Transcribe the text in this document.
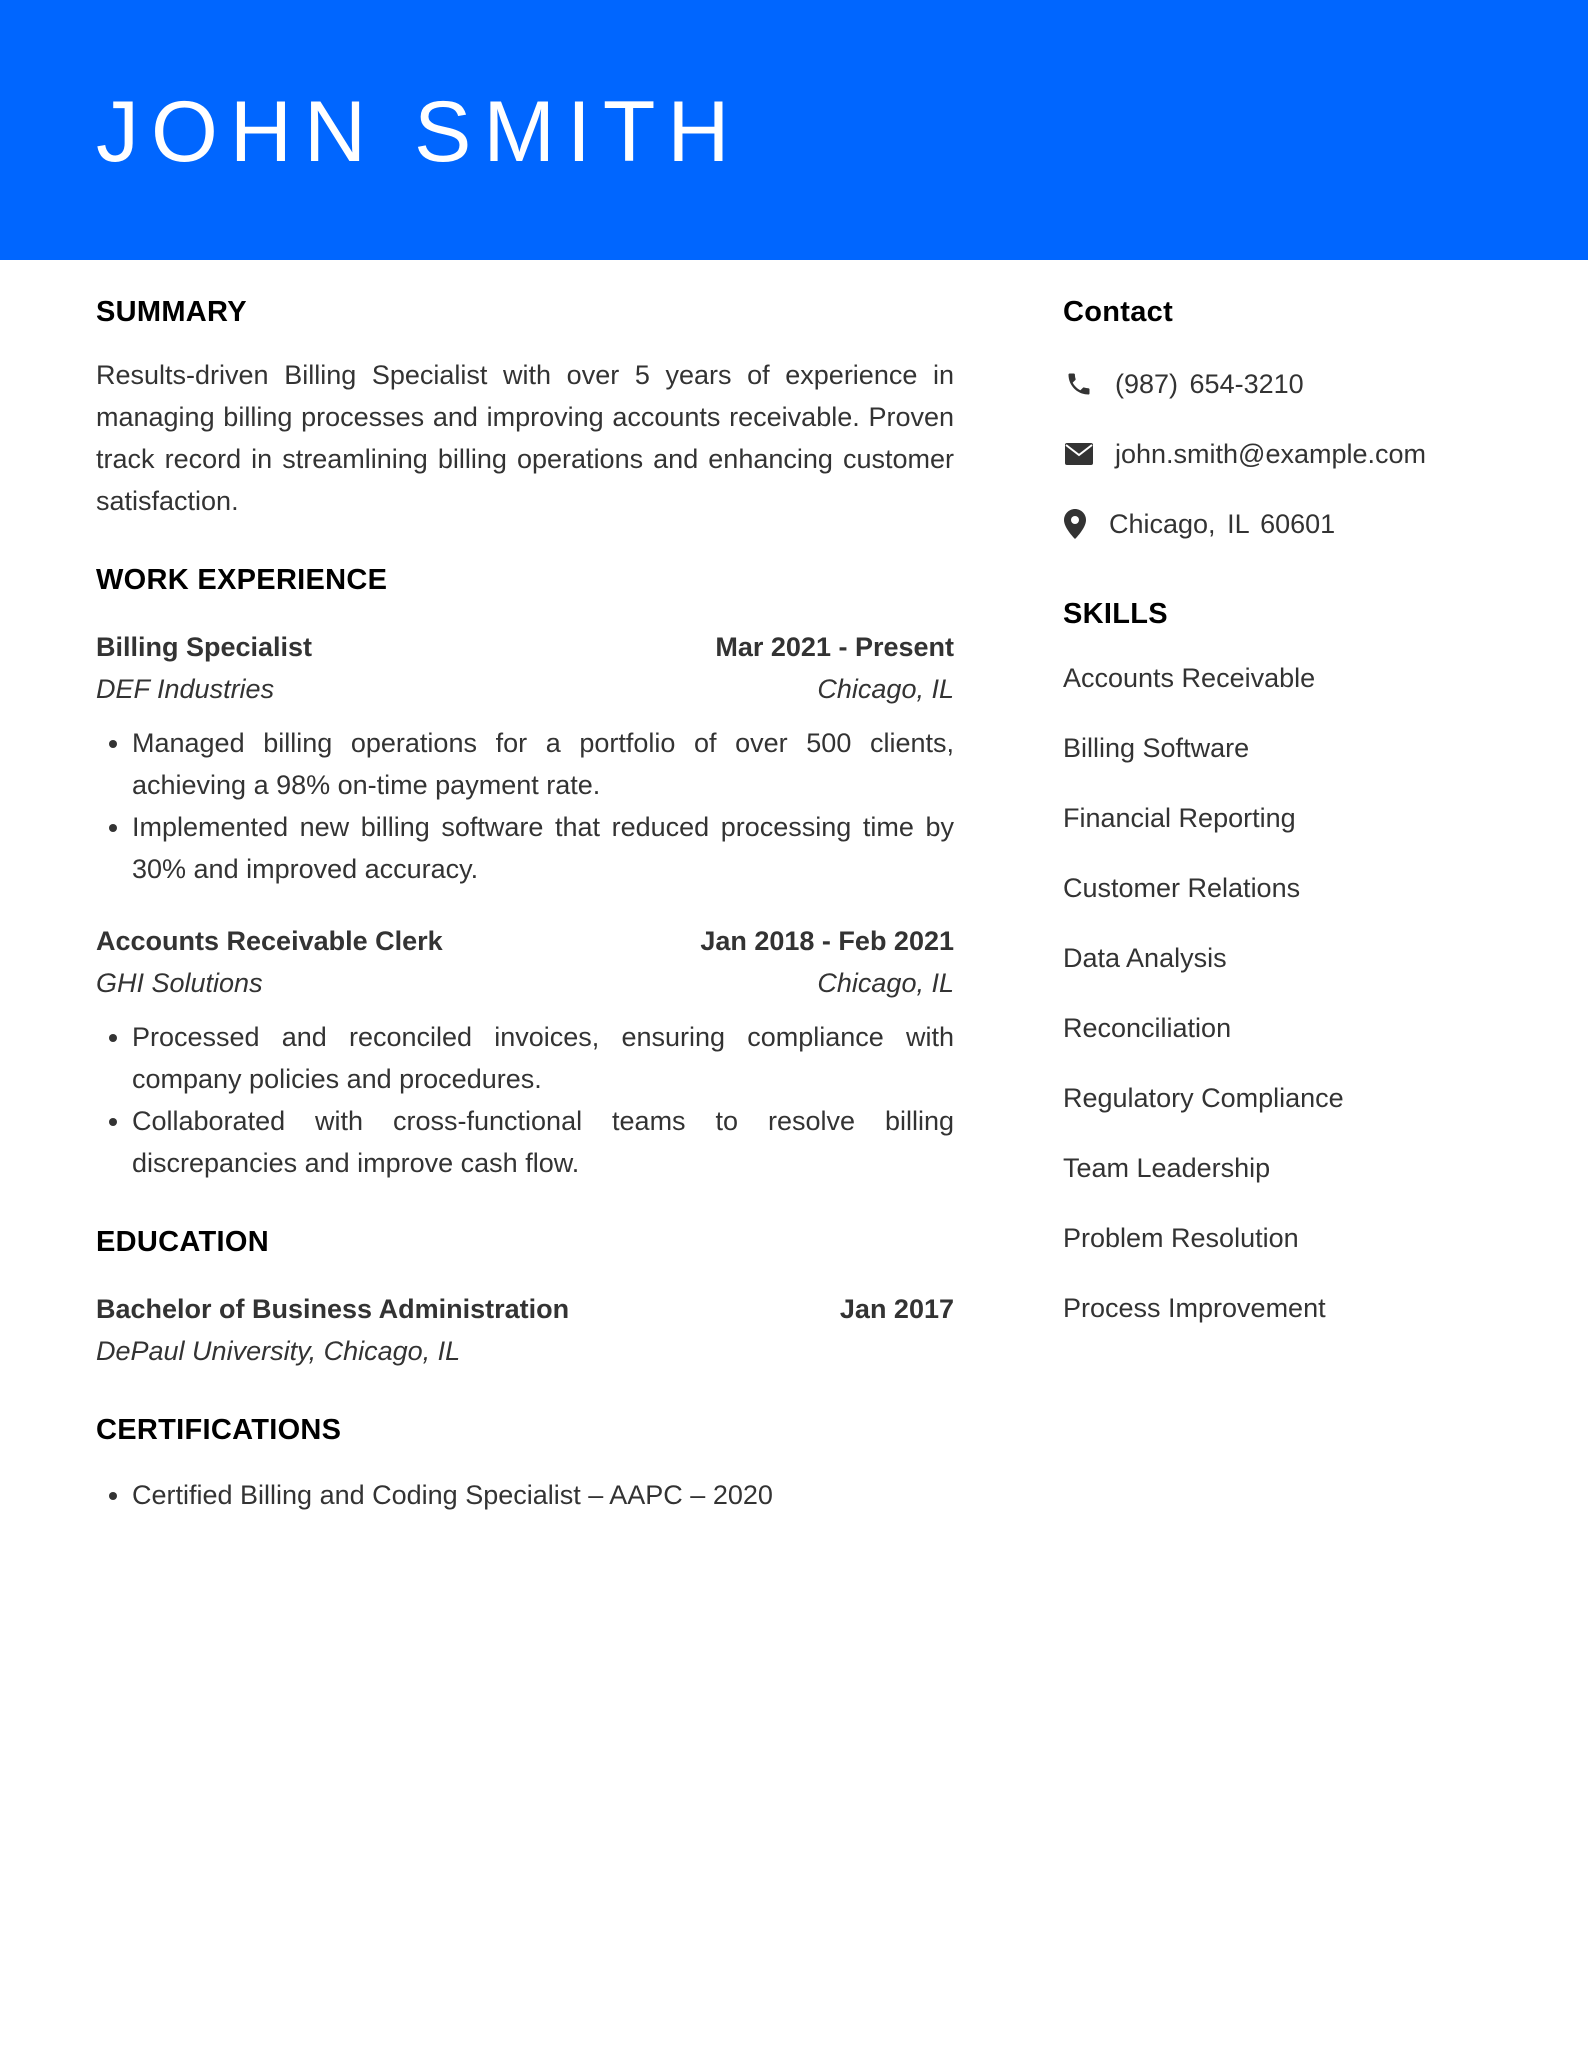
JOHN SMITH
SUMMARY

Results-driven Billing Specialist with over 5 years of experience in managing billing processes and improving accounts receivable. Proven track record in streamlining billing operations and enhancing customer satisfaction.

WORK EXPERIENCE
Billing Specialist	Mar 2021 - Present
DEF Industries	Chicago, IL
• Managed billing operations for a portfolio of over 500 clients, achieving a 98% on-time payment rate.
• Implemented new billing software that reduced processing time by 30% and improved accuracy.
Accounts Receivable Clerk	Jan 2018 - Feb 2021
GHI Solutions	Chicago, IL
• Processed and reconciled invoices, ensuring compliance with company policies and procedures.
• Collaborated with cross-functional teams to resolve billing discrepancies and improve cash flow.
EDUCATION
Bachelor of Business Administration	Jan 2017
DePaul University, Chicago, IL
CERTIFICATIONS
• Certified Billing and Coding Specialist – AAPC – 2020
Contact
(987) 654-3210
john.smith@example.com
Chicago, IL 60601
SKILLS
Accounts Receivable
Billing Software
Financial Reporting
Customer Relations
Data Analysis
Reconciliation
Regulatory Compliance
Team Leadership
Problem Resolution
Process Improvement
